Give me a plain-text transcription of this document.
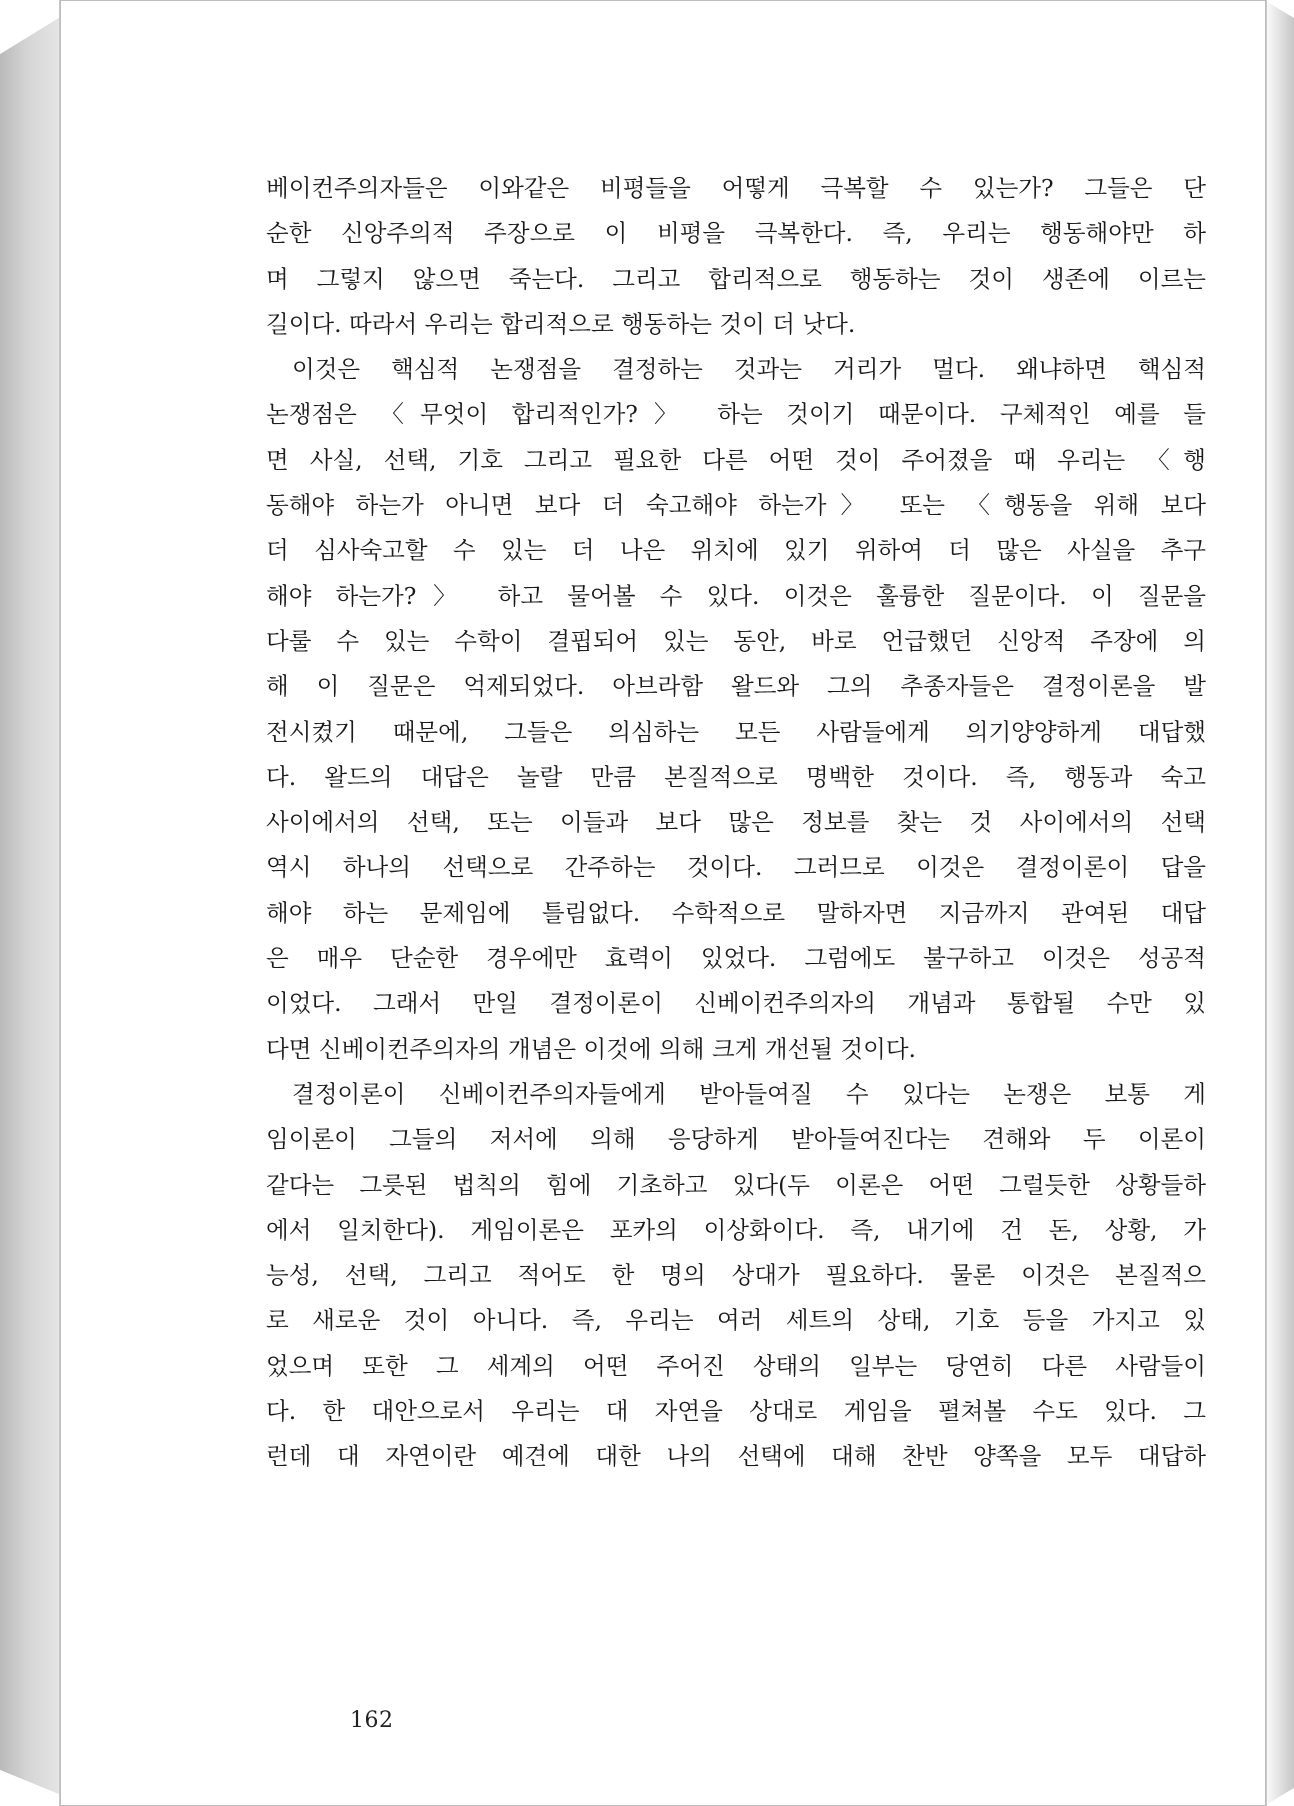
베이컨주의자들은 이와같은 비평들을 어떻게 극복할 수 있는가? 그들은 단
순한 신앙주의적 주장으로 이 비평을 극복한다. 즉, 우리는 행동해야만 하
며 그렇지 않으면 죽는다. 그리고 합리적으로 행동하는 것이 생존에 이르는
길이다. 따라서 우리는 합리적으로 행동하는 것이 더 낫다.
이것은 핵심적 논쟁점을 결정하는 것과는 거리가 멀다. 왜냐하면 핵심적
논쟁점은 〈무엇이 합리적인가?〉 하는 것이기 때문이다. 구체적인 예를 들
면 사실, 선택, 기호 그리고 필요한 다른 어떤 것이 주어졌을 때 우리는 〈행
동해야 하는가 아니면 보다 더 숙고해야 하는가〉 또는 〈행동을 위해 보다
더 심사숙고할 수 있는 더 나은 위치에 있기 위하여 더 많은 사실을 추구
해야 하는가?〉 하고 물어볼 수 있다. 이것은 훌륭한 질문이다. 이 질문을
다룰 수 있는 수학이 결핍되어 있는 동안, 바로 언급했던 신앙적 주장에 의
해 이 질문은 억제되었다. 아브라함 왈드와 그의 추종자들은 결정이론을 발
전시켰기 때문에, 그들은 의심하는 모든 사람들에게 의기양양하게 대답했
다. 왈드의 대답은 놀랄 만큼 본질적으로 명백한 것이다. 즉, 행동과 숙고
사이에서의 선택, 또는 이들과 보다 많은 정보를 찾는 것 사이에서의 선택
역시 하나의 선택으로 간주하는 것이다. 그러므로 이것은 결정이론이 답을
해야 하는 문제임에 틀림없다. 수학적으로 말하자면 지금까지 관여된 대답
은 매우 단순한 경우에만 효력이 있었다. 그럼에도 불구하고 이것은 성공적
이었다. 그래서 만일 결정이론이 신베이컨주의자의 개념과 통합될 수만 있
다면 신베이컨주의자의 개념은 이것에 의해 크게 개선될 것이다.
결정이론이 신베이컨주의자들에게 받아들여질 수 있다는 논쟁은 보통 게
임이론이 그들의 저서에 의해 응당하게 받아들여진다는 견해와 두 이론이
같다는 그릇된 법칙의 힘에 기초하고 있다(두 이론은 어떤 그럴듯한 상황들하
에서 일치한다). 게임이론은 포카의 이상화이다. 즉, 내기에 건 돈, 상황, 가
능성, 선택, 그리고 적어도 한 명의 상대가 필요하다. 물론 이것은 본질적으
로 새로운 것이 아니다. 즉, 우리는 여러 세트의 상태, 기호 등을 가지고 있
었으며 또한 그 세계의 어떤 주어진 상태의 일부는 당연히 다른 사람들이
다. 한 대안으로서 우리는 대 자연을 상대로 게임을 펼쳐볼 수도 있다. 그
런데 대 자연이란 예견에 대한 나의 선택에 대해 찬반 양쪽을 모두 대답하
162
